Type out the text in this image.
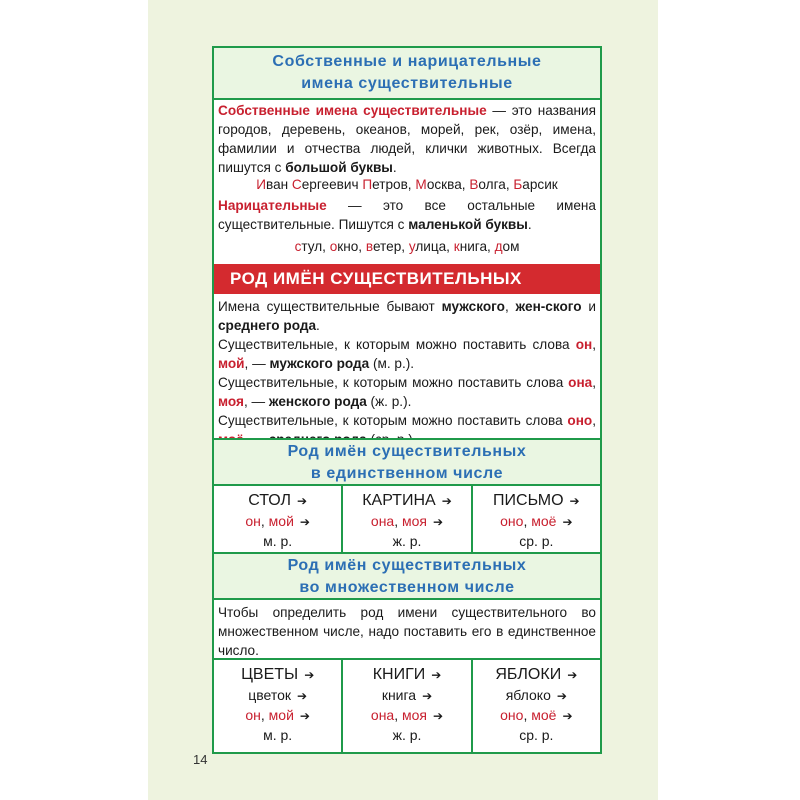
Собственные и нарицательные
имена существительные
Собственные имена существительные — это названия городов, деревень, океанов, морей, рек, озёр, имена, фамилии и отчества людей, клички животных. Всегда пишутся с большой буквы.
Иван Сергеевич Петров, Москва, Волга, Барсик
Нарицательные — это все остальные имена существительные. Пишутся с маленькой буквы.
стул, окно, ветер, улица, книга, дом
РОД ИМЁН СУЩЕСТВИТЕЛЬНЫХ
Имена существительные бывают мужского, жен-ского и среднего рода.
Существительные, к которым можно поставить слова он, мой, — мужского рода (м. р.).
Существительные, к которым можно поставить слова она, моя, — женского рода (ж. р.).
Существительные, к которым можно поставить слова оно,
Род имён существительных
в единственном числе
СТОЛ ➔
он, мой ➔
м. р.
КАРТИНА ➔
она, моя ➔
ж. р.
ПИСЬМО ➔
оно, моё ➔
ср. р.
Род имён существительных
во множественном числе
Чтобы определить род имени существительного во множественном числе, надо поставить его в единственное число.
ЦВЕТЫ ➔
цветок ➔
он, мой ➔
м. р.
КНИГИ ➔
книга ➔
она, моя ➔
ж. р.
ЯБЛОКИ ➔
яблоко ➔
оно, моё ➔
ср. р.
14
